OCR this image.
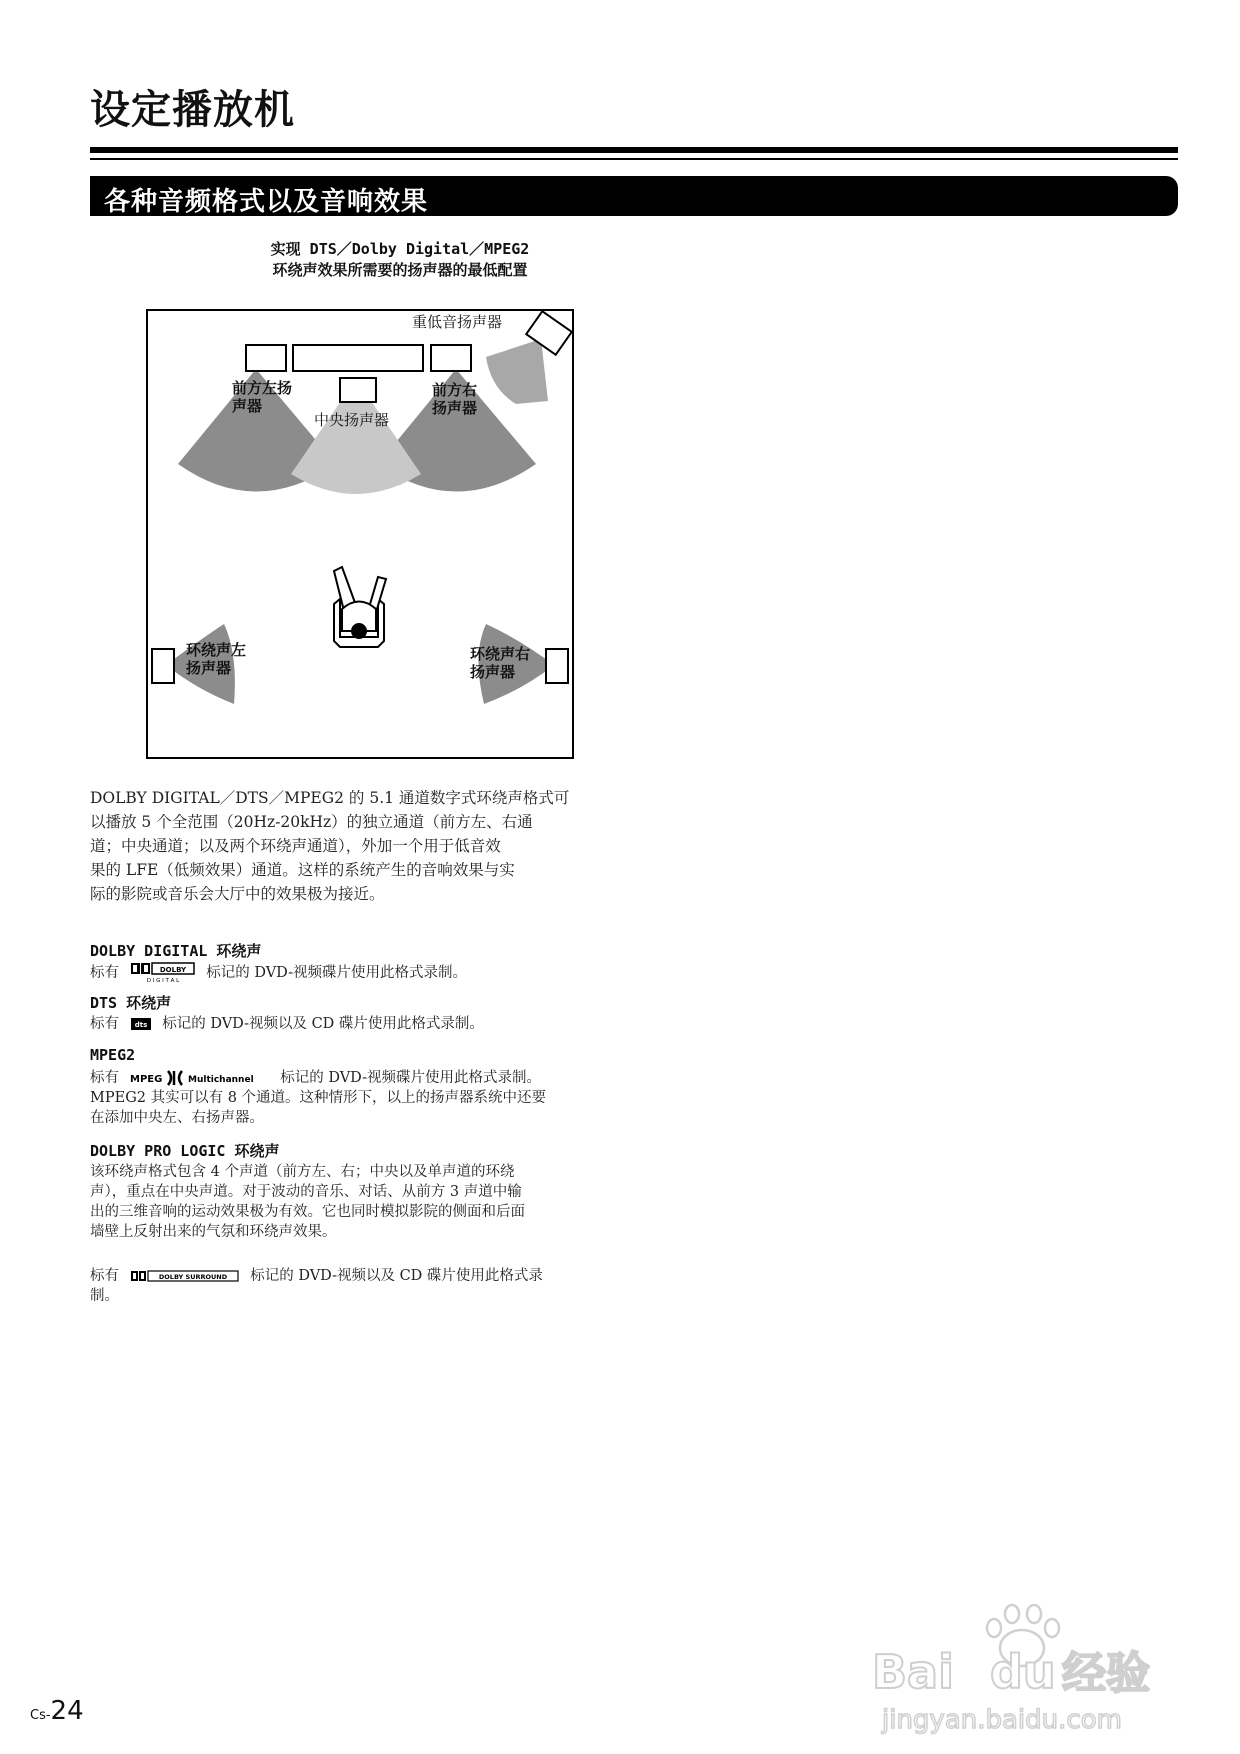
设定播放机
各种音频格式以及音响效果
实现 DTS／Dolby Digital／MPEG2
环绕声效果所需要的扬声器的最低配置
重低音扬声器
前方左扬
声器
前方右
扬声器
中央扬声器
环绕声左
扬声器
环绕声右
扬声器

DOLBY DIGITAL／DTS／MPEG2 的 5.1 通道数字式环绕声格式可

以播放 5 个全范围（20Hz-20kHz）的独立通道（前方左、右通

道；中央通道；以及两个环绕声通道），外加一个用于低音效

果的 LFE（低频效果）通道。这样的系统产生的音响效果与实

际的影院或音乐会大厅中的效果极为接近。

DOLBY DIGITAL 环绕声

标有	DOLBY
D I G I T A L 标记的 DVD-视频碟片使用此格式录制。

DTS 环绕声

标有 dts 标记的 DVD-视频以及 CD 碟片使用此格式录制。

MPEG2

标有 MPEG	Multichannel 标记的 DVD-视频碟片使用此格式录制。

MPEG2 其实可以有 8 个通道。这种情形下，以上的扬声器系统中还要

在添加中央左、右扬声器。

DOLBY PRO LOGIC 环绕声

该环绕声格式包含 4 个声道（前方左、右；中央以及单声道的环绕

声），重点在中央声道。对于波动的音乐、对话、从前方 3 声道中输

出的三维音响的运动效果极为有效。它也同时模拟影院的侧面和后面

墙壁上反射出来的气氛和环绕声效果。

标有	DOLBY SURROUND 标记的 DVD-视频以及 CD 碟片使用此格式录

制。

Cs-24
Bai du 经验
jingyan.baidu.com
